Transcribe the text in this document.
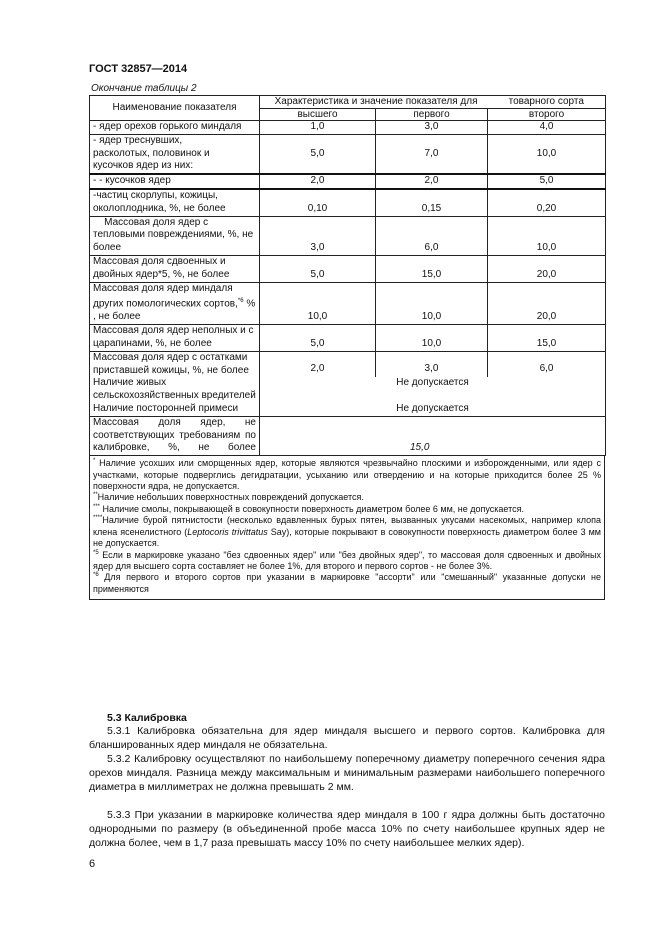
ГОСТ 32857—2014
Окончание таблицы 2
Наименование показателя	Характеристика и значение показателя для		товарного сорта
	высшего	первого	второго
- ядер орехов горького миндаля	1,0	3,0	4,0

- ядер треснувших, расколотых, половинок и кусочков ядер из них:	5,0	7,0	10,0
- - кусочков ядер	2,0	2,0	5,0
-частиц скорлупы, кожицы, околоплодника, %, не более	0,10	0,15	0,20
Массовая доля ядер с тепловыми повреждениями, %, не более	3,0	6,0	10,0
Массовая доля сдвоенных и двойных ядер*5, %, не более	5,0	15,0	20,0
Массовая доля ядер миндаля других помологических сортов,$^{*6}$ % , не более	10,0	10,0	20,0
Массовая доля ядер неполных и с царапинами, %, не более	5,0	10,0	15,0
Массовая доля ядер с остатками приставшей кожицы, %, не более	2,0	3,0	6,0
Наличие живых сельскохозяйственных вредителей	Не допускается		
Наличие посторонней примеси	Не допускается		
Массовая доля ядер, не соответствующих требованиям по калибровке, %, не более	15,0		

* Наличие усохших или сморщенных ядер, которые являются чрезвычайно плоскими и изборожденными, или ядер с участками, которые подверглись дегидратации, усыханию или отвердению и на которые приходится более 25 % поверхности ядра, не допускается.

**Наличие небольших поверхностных повреждений допускается.

*** Наличие смолы, покрывающей в совокупности поверхность диаметром более 6 мм, не допускается.

****Наличие бурой пятнистости (несколько вдавленных бурых пятен, вызванных укусами насекомых, например клопа клена ясенелистного (Leptocoris trivittatus Say), которые покрывают в совокупности поверхность диаметром более 3 мм не допускается.

$^{*5}$ Если в маркировке указано "без сдвоенных ядер" или "без двойных ядер", то массовая доля сдвоенных и двойных ядер для высшего сорта составляет не более 1%, для второго и первого сортов - не более 3%.

$^{*6}$ Для первого и второго сортов при указании в маркировке "ассорти" или "смешанный" указанные допуски не применяются

5.3 Калибровка
5.3.1 Калибровка обязательна для ядер миндаля высшего и первого сортов. Калибровка для бланшированных ядер миндаля не обязательна.
5.3.2 Калибровку осуществляют по наибольшему поперечному диаметру поперечного сечения ядра орехов миндаля. Разница между максимальным и минимальным размерами наибольшего поперечного диаметра в миллиметрах не должна превышать 2 мм.
5.3.3 При указании в маркировке количества ядер миндаля в 100 г ядра должны быть достаточно однородными по размеру (в объединенной пробе масса 10% по счету наибольшее крупных ядер не должна более, чем в 1,7 раза превышать массу 10% по счету наибольшее мелких ядер).
6
